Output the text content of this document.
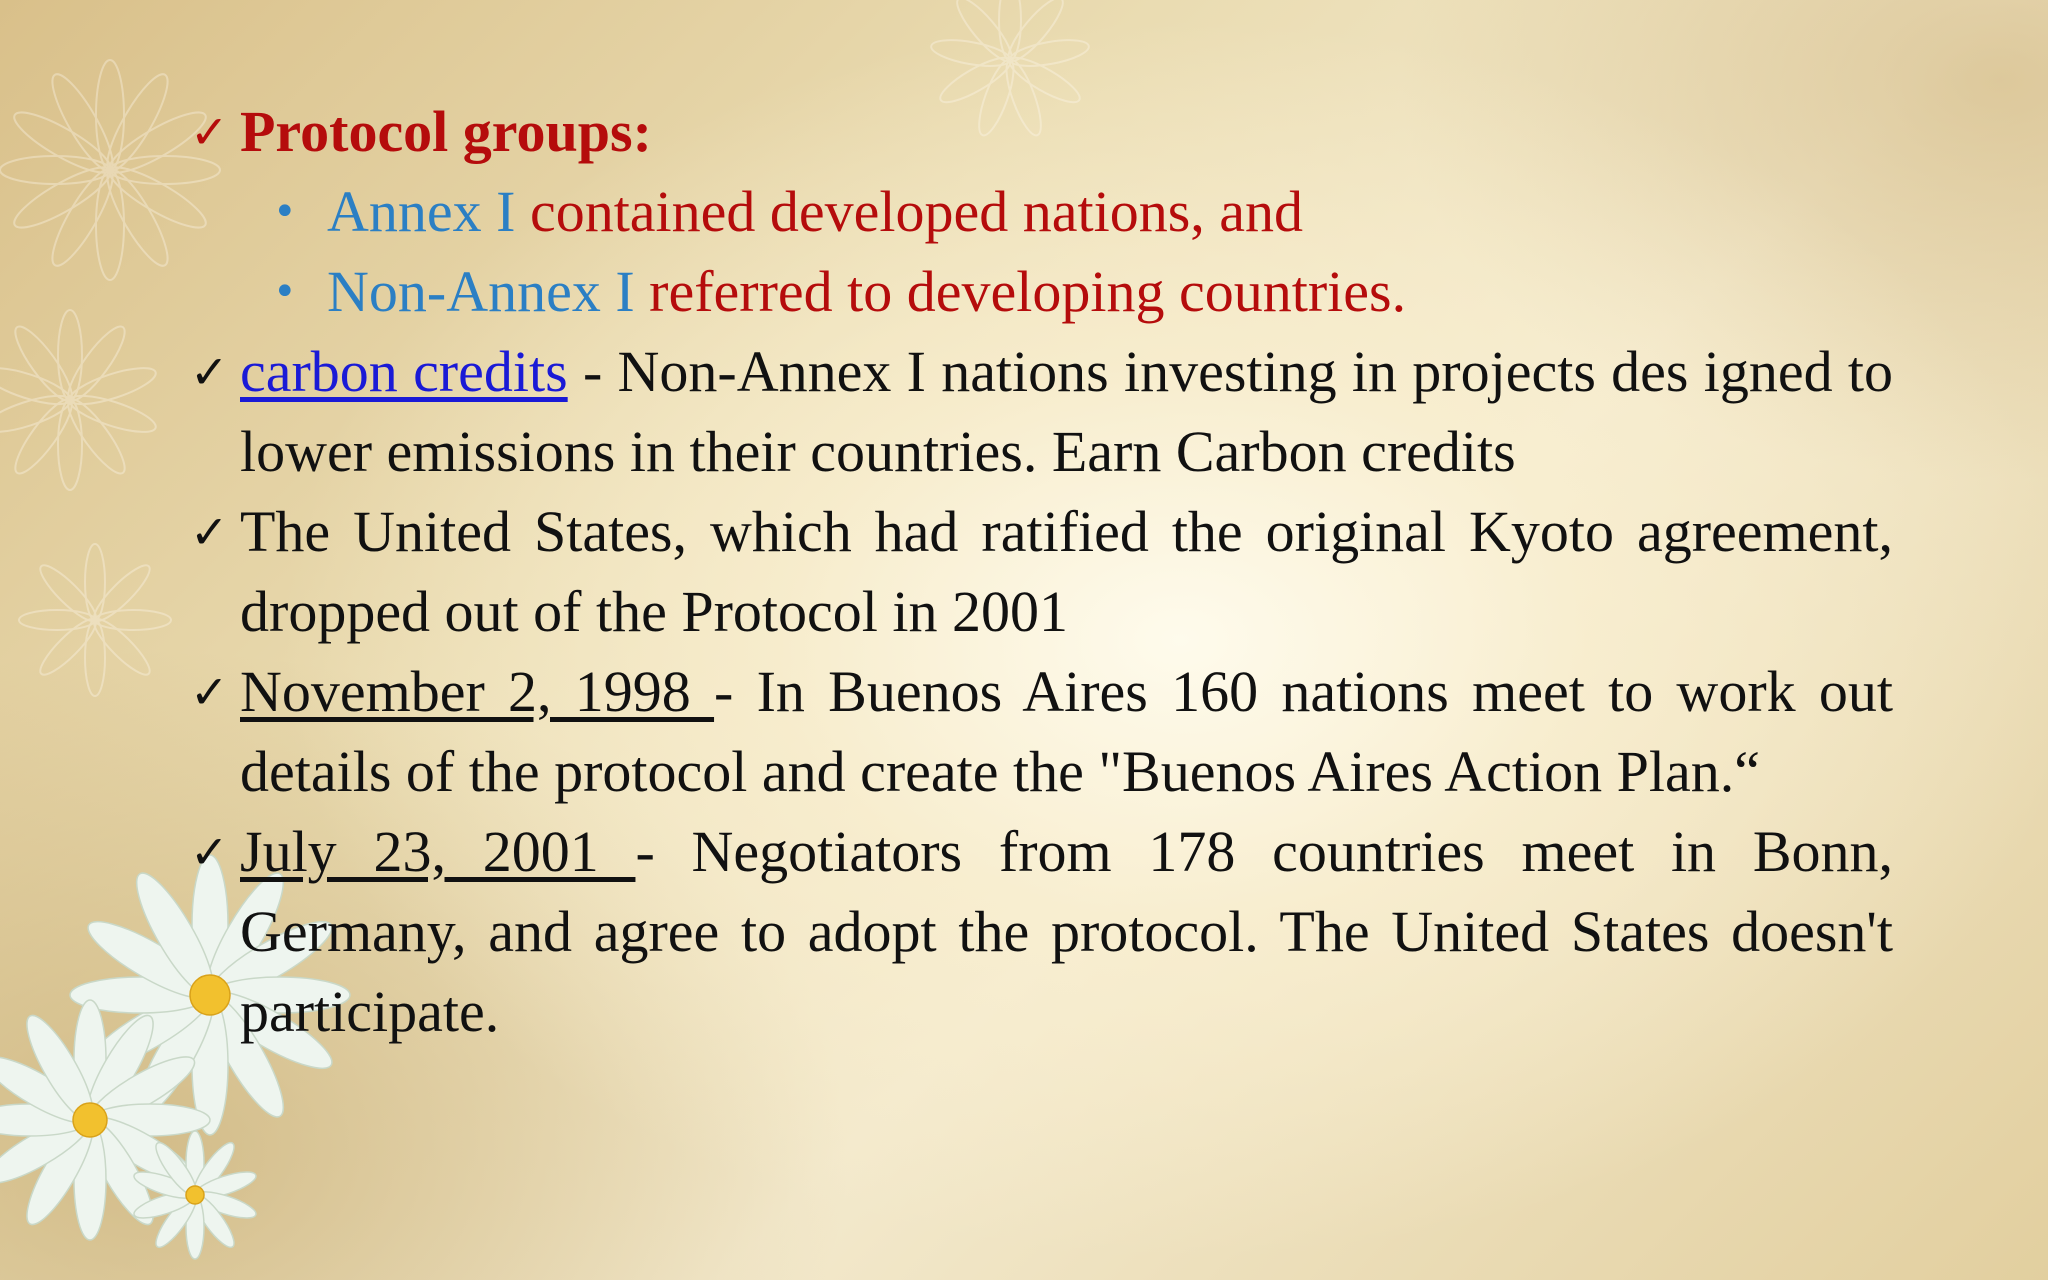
✓ Protocol groups:
• Annex I contained developed nations, and
• Non-Annex I referred to developing countries.
✓ carbon credits - Non-Annex I nations investing in projects des igned to lower emissions in their countries. Earn Carbon credits
✓ The United States, which had ratified the original Kyoto agreement, dropped out of the Protocol in 2001
✓ November 2, 1998 - In Buenos Aires 160 nations meet to work out details of the protocol and create the "Buenos Aires Action Plan.“
✓ July 23, 2001 - Negotiators from 178 countries meet in Bonn, Germany, and agree to adopt the protocol. The United States doesn't participate.
